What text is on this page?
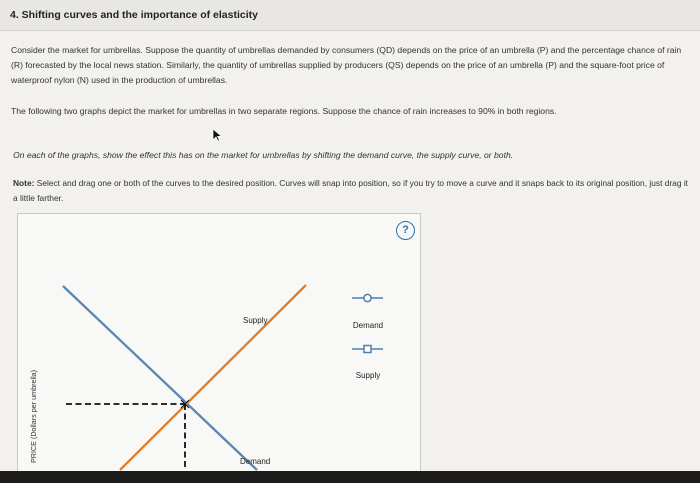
4. Shifting curves and the importance of elasticity
Consider the market for umbrellas. Suppose the quantity of umbrellas demanded by consumers (QD) depends on the price of an umbrella (P) and the percentage chance of rain (R) forecasted by the local news station. Similarly, the quantity of umbrellas supplied by producers (QS) depends on the price of an umbrella (P) and the square-foot price of waterproof nylon (N) used in the production of umbrellas.
The following two graphs depict the market for umbrellas in two separate regions. Suppose the chance of rain increases to 90% in both regions.
On each of the graphs, show the effect this has on the market for umbrellas by shifting the demand curve, the supply curve, or both.
Note: Select and drag one or both of the curves to the desired position. Curves will snap into position, so if you try to move a curve and it snaps back to its original position, just drag it a little farther.
?
PRICE (Dollars per umbrella)
Supply
Demand
Demand
Supply
